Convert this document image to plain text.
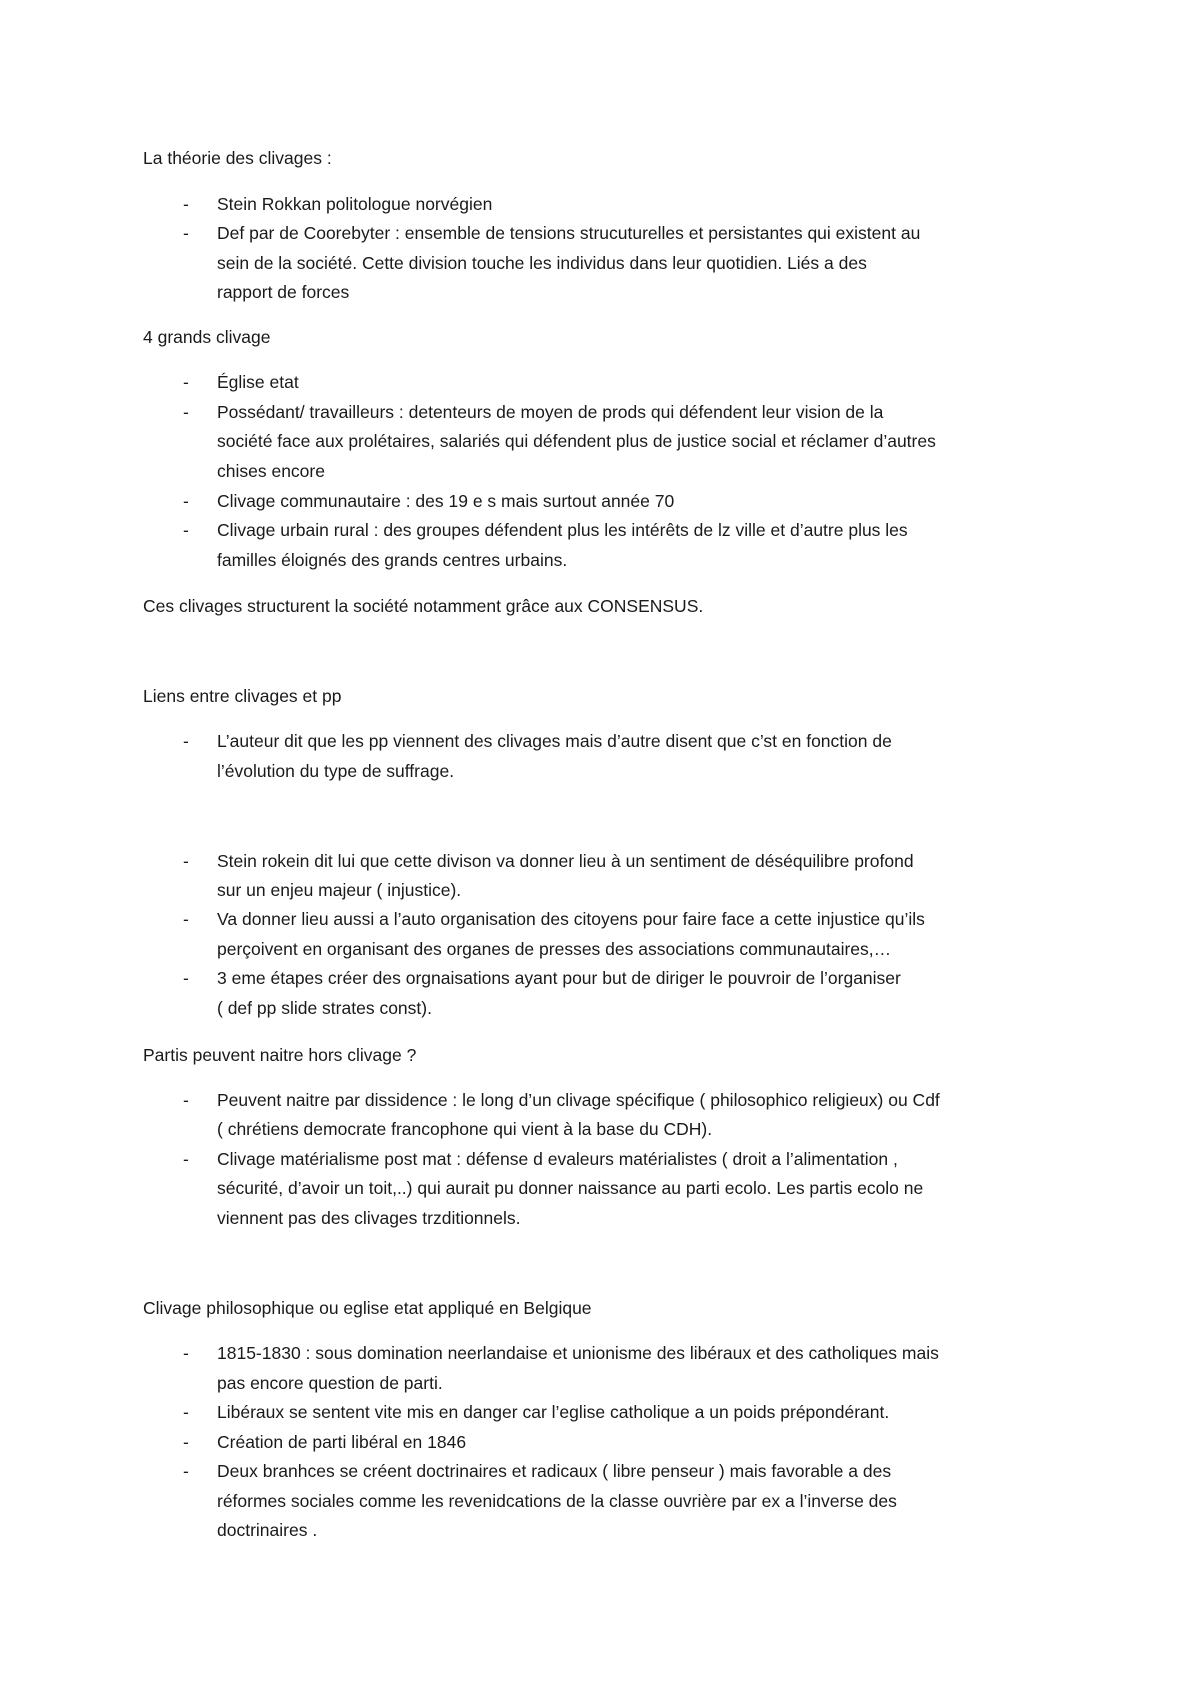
La théorie des clivages :
- Stein Rokkan politologue norvégien
- Def par de Coorebyter : ensemble de tensions strucuturelles et persistantes qui existent au
sein de la société. Cette division touche les individus dans leur quotidien. Liés a des
rapport de forces
4 grands clivage
- Église etat
- Possédant/ travailleurs : detenteurs de moyen de prods qui défendent leur vision de la
société face aux prolétaires, salariés qui défendent plus de justice social et réclamer d’autres
chises encore
- Clivage communautaire : des 19 e s mais surtout année 70
- Clivage urbain rural : des groupes défendent plus les intérêts de lz ville et d’autre plus les
familles éloignés des grands centres urbains.
Ces clivages structurent la société notamment grâce aux CONSENSUS.
Liens entre clivages et pp
- L’auteur dit que les pp viennent des clivages mais d’autre disent que c’st en fonction de
l’évolution du type de suffrage.
- Stein rokein dit lui que cette divison va donner lieu à un sentiment de déséquilibre profond
sur un enjeu majeur ( injustice).
- Va donner lieu aussi a l’auto organisation des citoyens pour faire face a cette injustice qu’ils
perçoivent en organisant des organes de presses des associations communautaires,…
- 3 eme étapes créer des orgnaisations ayant pour but de diriger le pouvroir de l’organiser
( def pp slide strates const).
Partis peuvent naitre hors clivage ?
- Peuvent naitre par dissidence : le long d’un clivage spécifique ( philosophico religieux) ou Cdf
( chrétiens democrate francophone qui vient à la base du CDH).
- Clivage matérialisme post mat : défense d evaleurs matérialistes ( droit a l’alimentation ,
sécurité, d’avoir un toit,..) qui aurait pu donner naissance au parti ecolo. Les partis ecolo ne
viennent pas des clivages trzditionnels.
Clivage philosophique ou eglise etat appliqué en Belgique
- 1815-1830 : sous domination neerlandaise et unionisme des libéraux et des catholiques mais
pas encore question de parti.
- Libéraux se sentent vite mis en danger car l’eglise catholique a un poids prépondérant.
- Création de parti libéral en 1846
- Deux branhces se créent doctrinaires et radicaux ( libre penseur ) mais favorable a des
réformes sociales comme les revenidcations de la classe ouvrière par ex a l’inverse des
doctrinaires .
